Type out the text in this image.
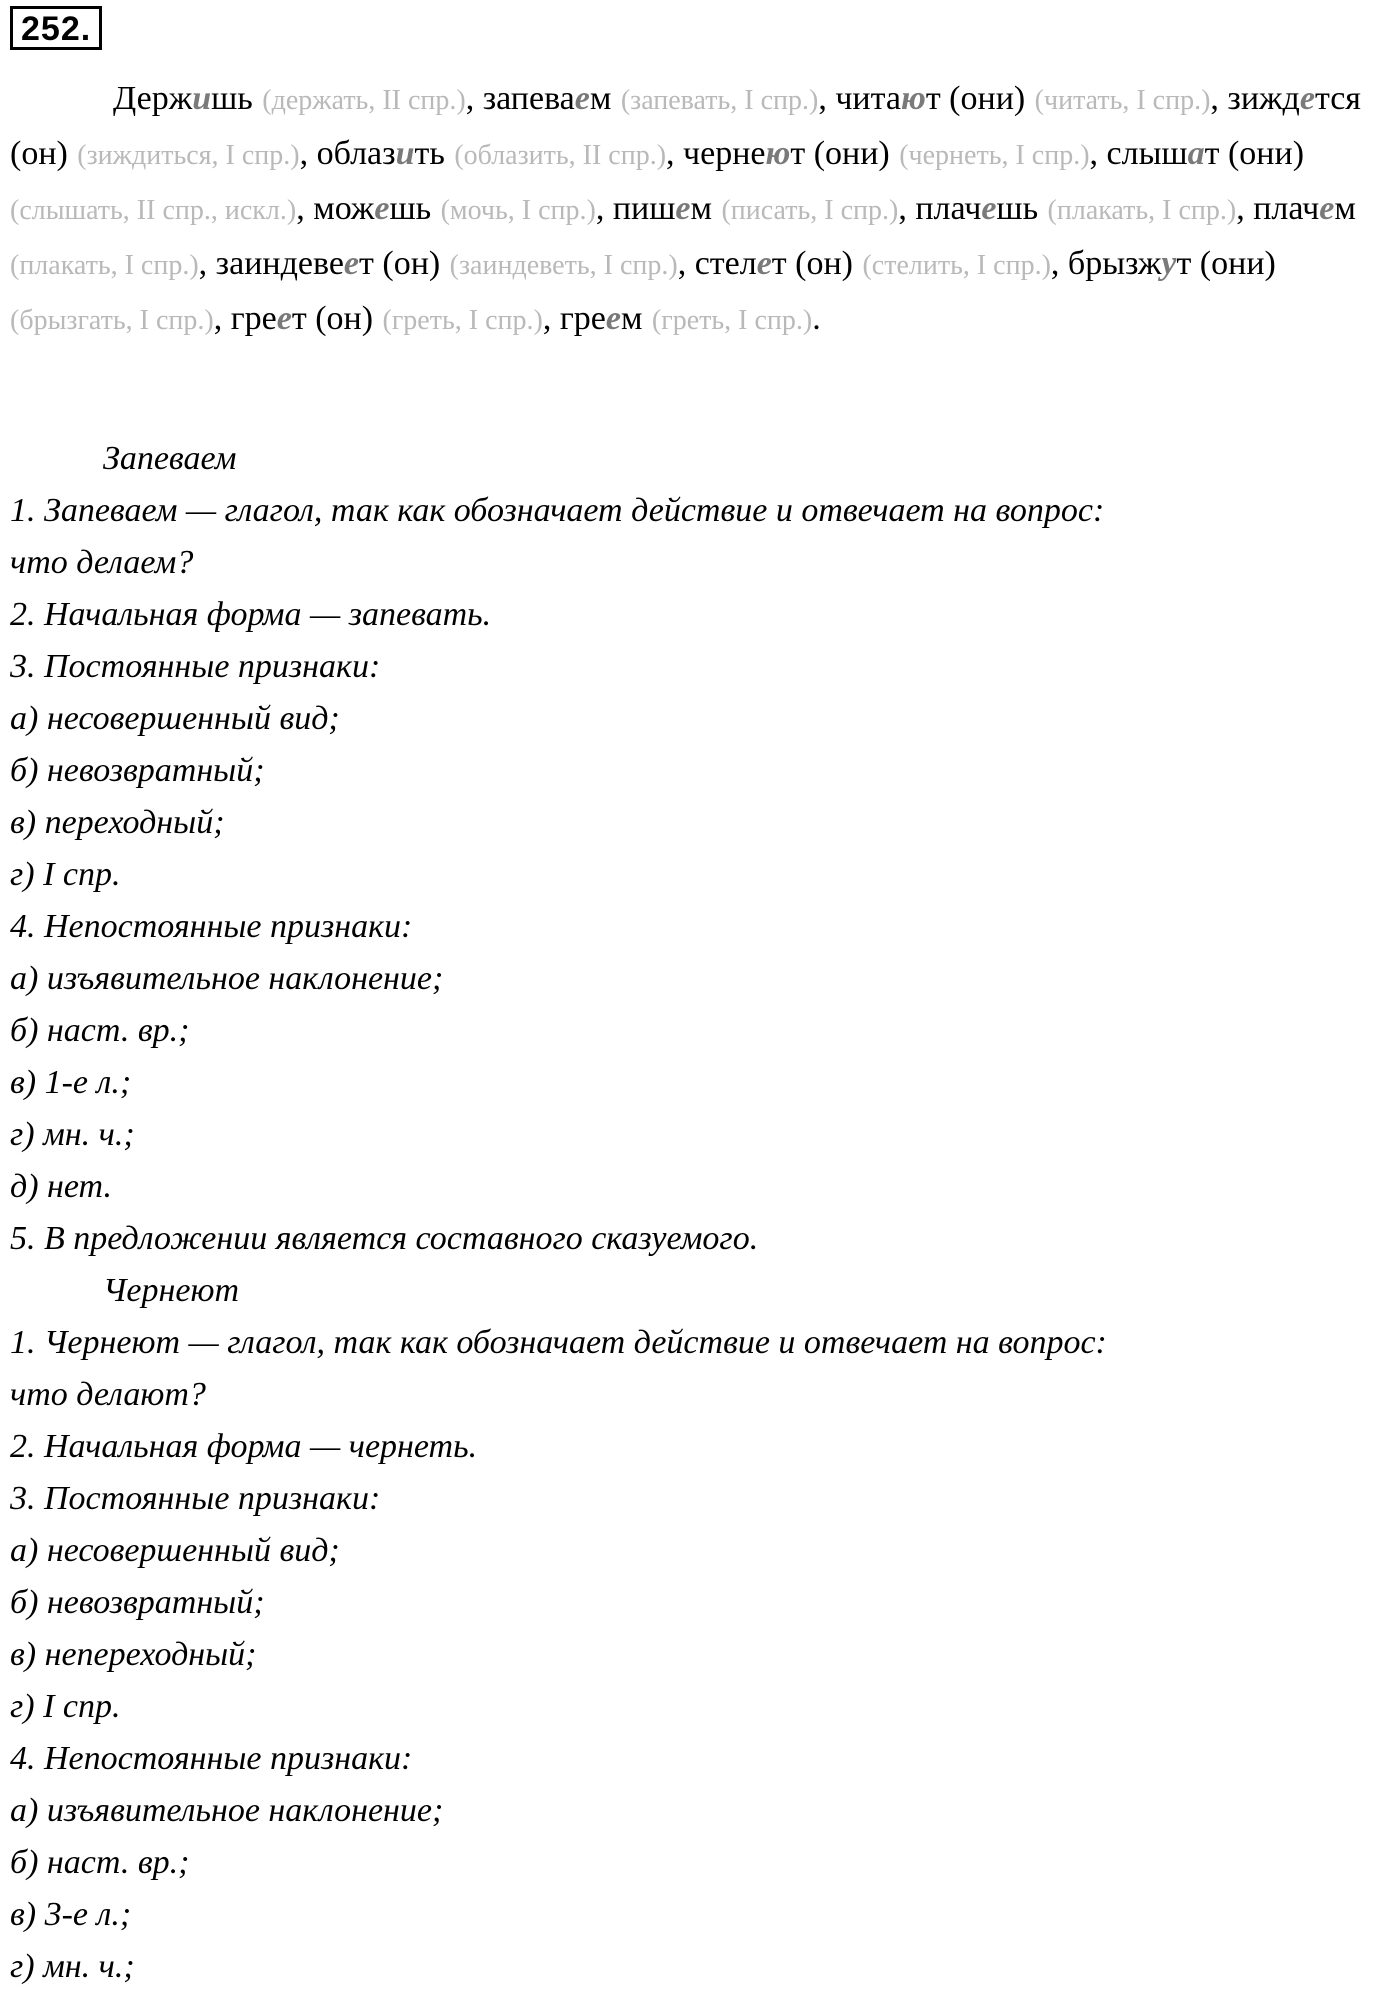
252.
Держишь (держать, II спр.), запеваем (запевать, I спр.), читают (они) (читать, I спр.), зиждется (он) (зиждиться, I спр.), облазить (облазить, II спр.), чернеют (они) (чернеть, I спр.), слышат (они) (слышать, II спр., искл.), можешь (мочь, I спр.), пишем (писать, I спр.), плачешь (плакать, I спр.), плачем (плакать, I спр.), заиндевеет (он) (заиндеветь, I спр.), стелет (он) (стелить, I спр.), брызжут (они) (брызгать, I спр.), греет (он) (греть, I спр.), греем (греть, I спр.).
Запеваем
1. Запеваем — глагол, так как обозначает действие и отвечает на вопрос:
что делаем?
2. Начальная форма — запевать.
3. Постоянные признаки:
а) несовершенный вид;
б) невозвратный;
в) переходный;
г) I спр.
4. Непостоянные признаки:
а) изъявительное наклонение;
б) наст. вр.;
в) 1-е л.;
г) мн. ч.;
д) нет.
5. В предложении является составного сказуемого.
Чернеют
1. Чернеют — глагол, так как обозначает действие и отвечает на вопрос:
что делают?
2. Начальная форма — чернеть.
3. Постоянные признаки:
а) несовершенный вид;
б) невозвратный;
в) непереходный;
г) I спр.
4. Непостоянные признаки:
а) изъявительное наклонение;
б) наст. вр.;
в) 3-е л.;
г) мн. ч.;
